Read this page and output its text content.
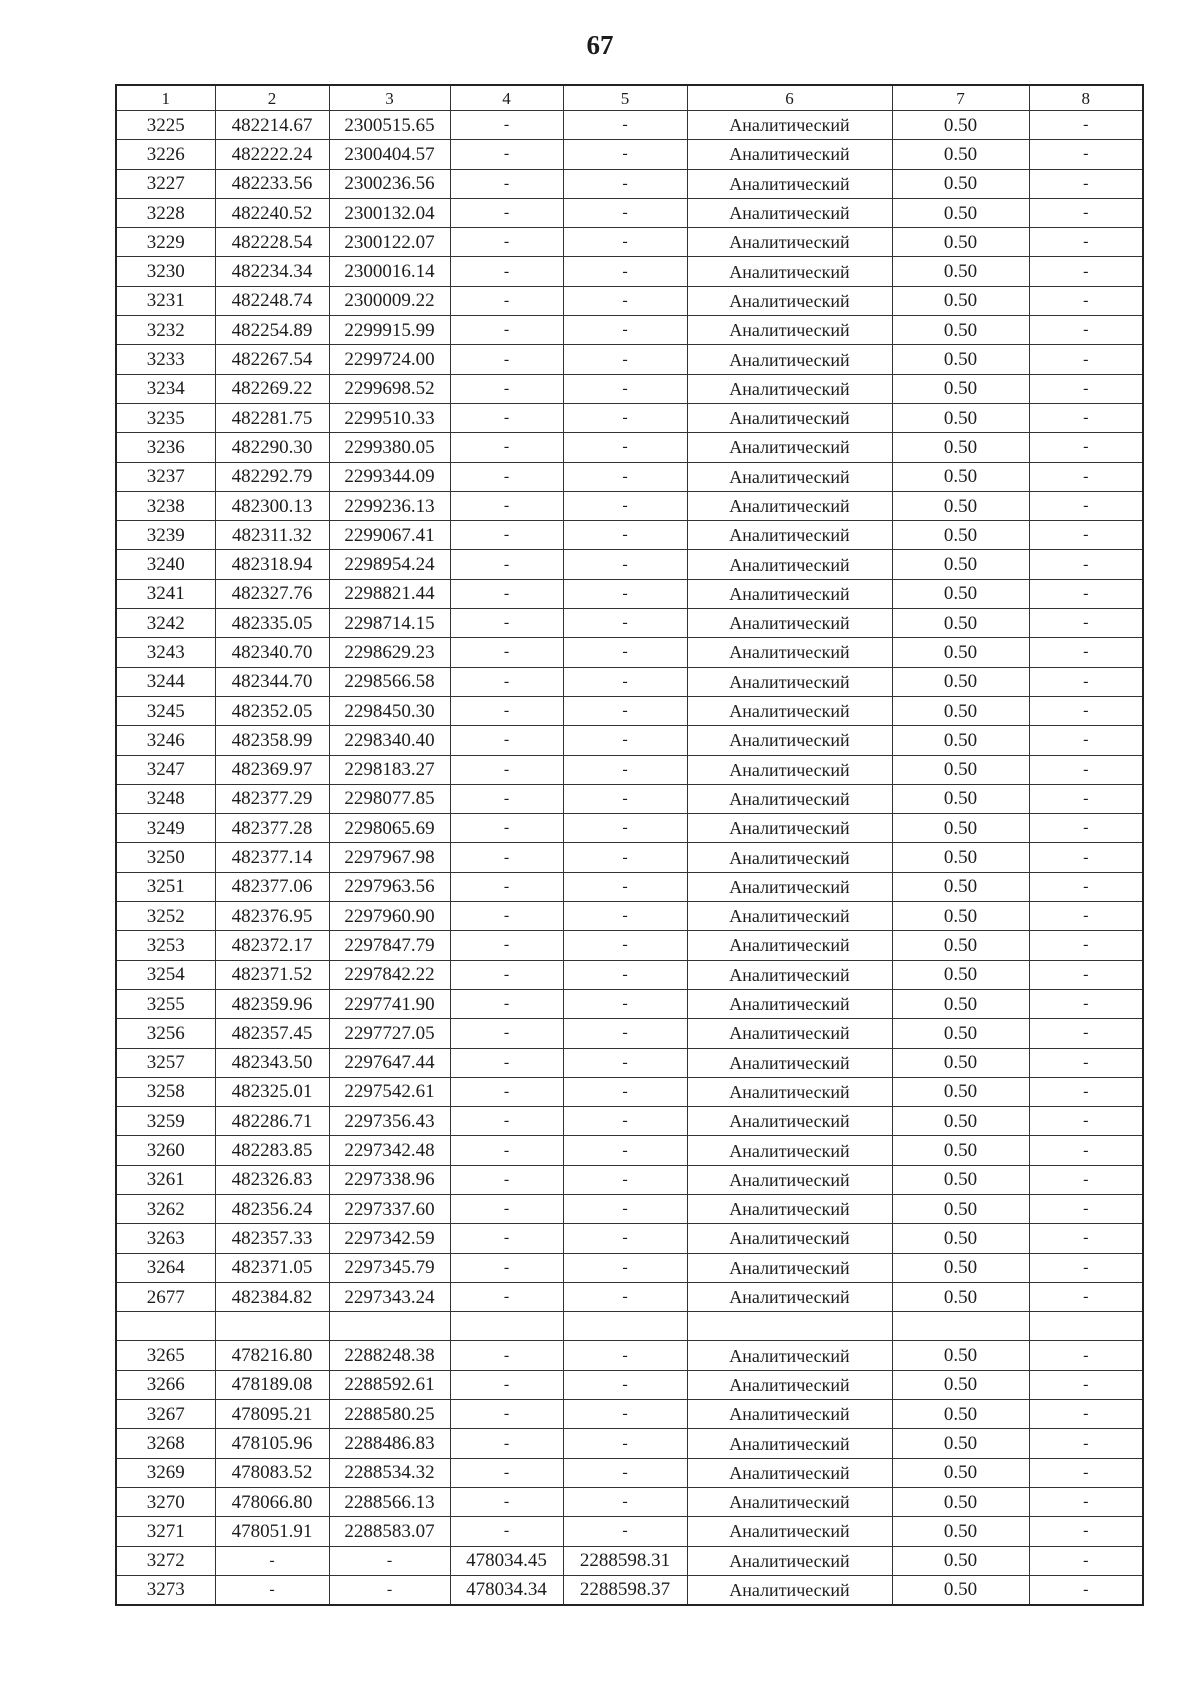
67
1	2	3	4	5	6	7	8
3225	482214.67	2300515.65	-	-	Аналитический	0.50	-
3226	482222.24	2300404.57	-	-	Аналитический	0.50	-
3227	482233.56	2300236.56	-	-	Аналитический	0.50	-
3228	482240.52	2300132.04	-	-	Аналитический	0.50	-
3229	482228.54	2300122.07	-	-	Аналитический	0.50	-
3230	482234.34	2300016.14	-	-	Аналитический	0.50	-
3231	482248.74	2300009.22	-	-	Аналитический	0.50	-
3232	482254.89	2299915.99	-	-	Аналитический	0.50	-
3233	482267.54	2299724.00	-	-	Аналитический	0.50	-
3234	482269.22	2299698.52	-	-	Аналитический	0.50	-
3235	482281.75	2299510.33	-	-	Аналитический	0.50	-
3236	482290.30	2299380.05	-	-	Аналитический	0.50	-
3237	482292.79	2299344.09	-	-	Аналитический	0.50	-
3238	482300.13	2299236.13	-	-	Аналитический	0.50	-
3239	482311.32	2299067.41	-	-	Аналитический	0.50	-
3240	482318.94	2298954.24	-	-	Аналитический	0.50	-
3241	482327.76	2298821.44	-	-	Аналитический	0.50	-
3242	482335.05	2298714.15	-	-	Аналитический	0.50	-
3243	482340.70	2298629.23	-	-	Аналитический	0.50	-
3244	482344.70	2298566.58	-	-	Аналитический	0.50	-
3245	482352.05	2298450.30	-	-	Аналитический	0.50	-
3246	482358.99	2298340.40	-	-	Аналитический	0.50	-
3247	482369.97	2298183.27	-	-	Аналитический	0.50	-
3248	482377.29	2298077.85	-	-	Аналитический	0.50	-
3249	482377.28	2298065.69	-	-	Аналитический	0.50	-
3250	482377.14	2297967.98	-	-	Аналитический	0.50	-
3251	482377.06	2297963.56	-	-	Аналитический	0.50	-
3252	482376.95	2297960.90	-	-	Аналитический	0.50	-
3253	482372.17	2297847.79	-	-	Аналитический	0.50	-
3254	482371.52	2297842.22	-	-	Аналитический	0.50	-
3255	482359.96	2297741.90	-	-	Аналитический	0.50	-
3256	482357.45	2297727.05	-	-	Аналитический	0.50	-
3257	482343.50	2297647.44	-	-	Аналитический	0.50	-
3258	482325.01	2297542.61	-	-	Аналитический	0.50	-
3259	482286.71	2297356.43	-	-	Аналитический	0.50	-
3260	482283.85	2297342.48	-	-	Аналитический	0.50	-
3261	482326.83	2297338.96	-	-	Аналитический	0.50	-
3262	482356.24	2297337.60	-	-	Аналитический	0.50	-
3263	482357.33	2297342.59	-	-	Аналитический	0.50	-
3264	482371.05	2297345.79	-	-	Аналитический	0.50	-
2677	482384.82	2297343.24	-	-	Аналитический	0.50	-

3265	478216.80	2288248.38	-	-	Аналитический	0.50	-
3266	478189.08	2288592.61	-	-	Аналитический	0.50	-
3267	478095.21	2288580.25	-	-	Аналитический	0.50	-
3268	478105.96	2288486.83	-	-	Аналитический	0.50	-
3269	478083.52	2288534.32	-	-	Аналитический	0.50	-
3270	478066.80	2288566.13	-	-	Аналитический	0.50	-
3271	478051.91	2288583.07	-	-	Аналитический	0.50	-
3272	-	-	478034.45	2288598.31	Аналитический	0.50	-
3273	-	-	478034.34	2288598.37	Аналитический	0.50	-
